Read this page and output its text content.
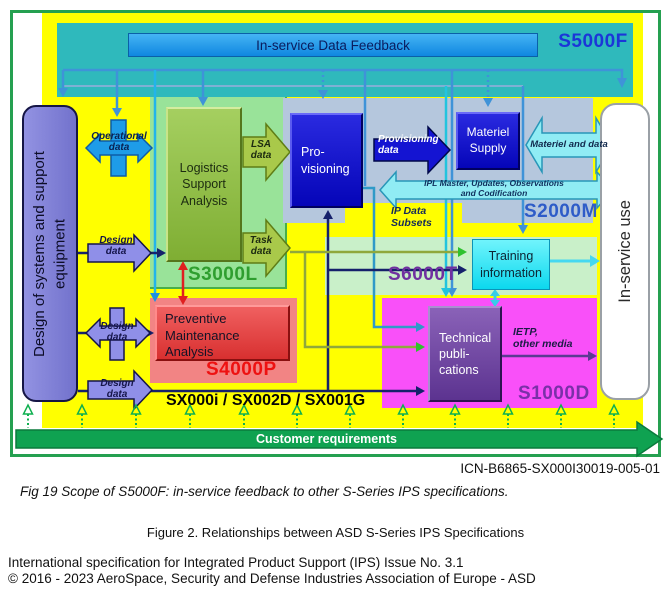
In-service Data Feedback
Design of systems and support equipment
Logistics Support Analysis
Pro-visioning
Materiel Supply
Preventive Maintenance Analysis
Training information
Technical publi-cations
In-service use
S5000F
S3000L
S4000P
S2000M
S6000T
S1000D
Operational data
Design data
Design data
Design data
LSA data
Task data
Provisioning data
Materiel and data
IPL Master, Updates, Observations
and Codification
IP Data
Subsets
IETP,
other media
SX000i / SX002D / SX001G
Customer requirements
ICN-B6865-SX000I30019-005-01
Fig 19 Scope of S5000F: in-service feedback to other S-Series IPS specifications.
Figure 2. Relationships between ASD S-Series IPS Specifications
International specification for Integrated Product Support (IPS) Issue No. 3.1
© 2016 - 2023 AeroSpace, Security and Defense Industries Association of Europe - ASD
